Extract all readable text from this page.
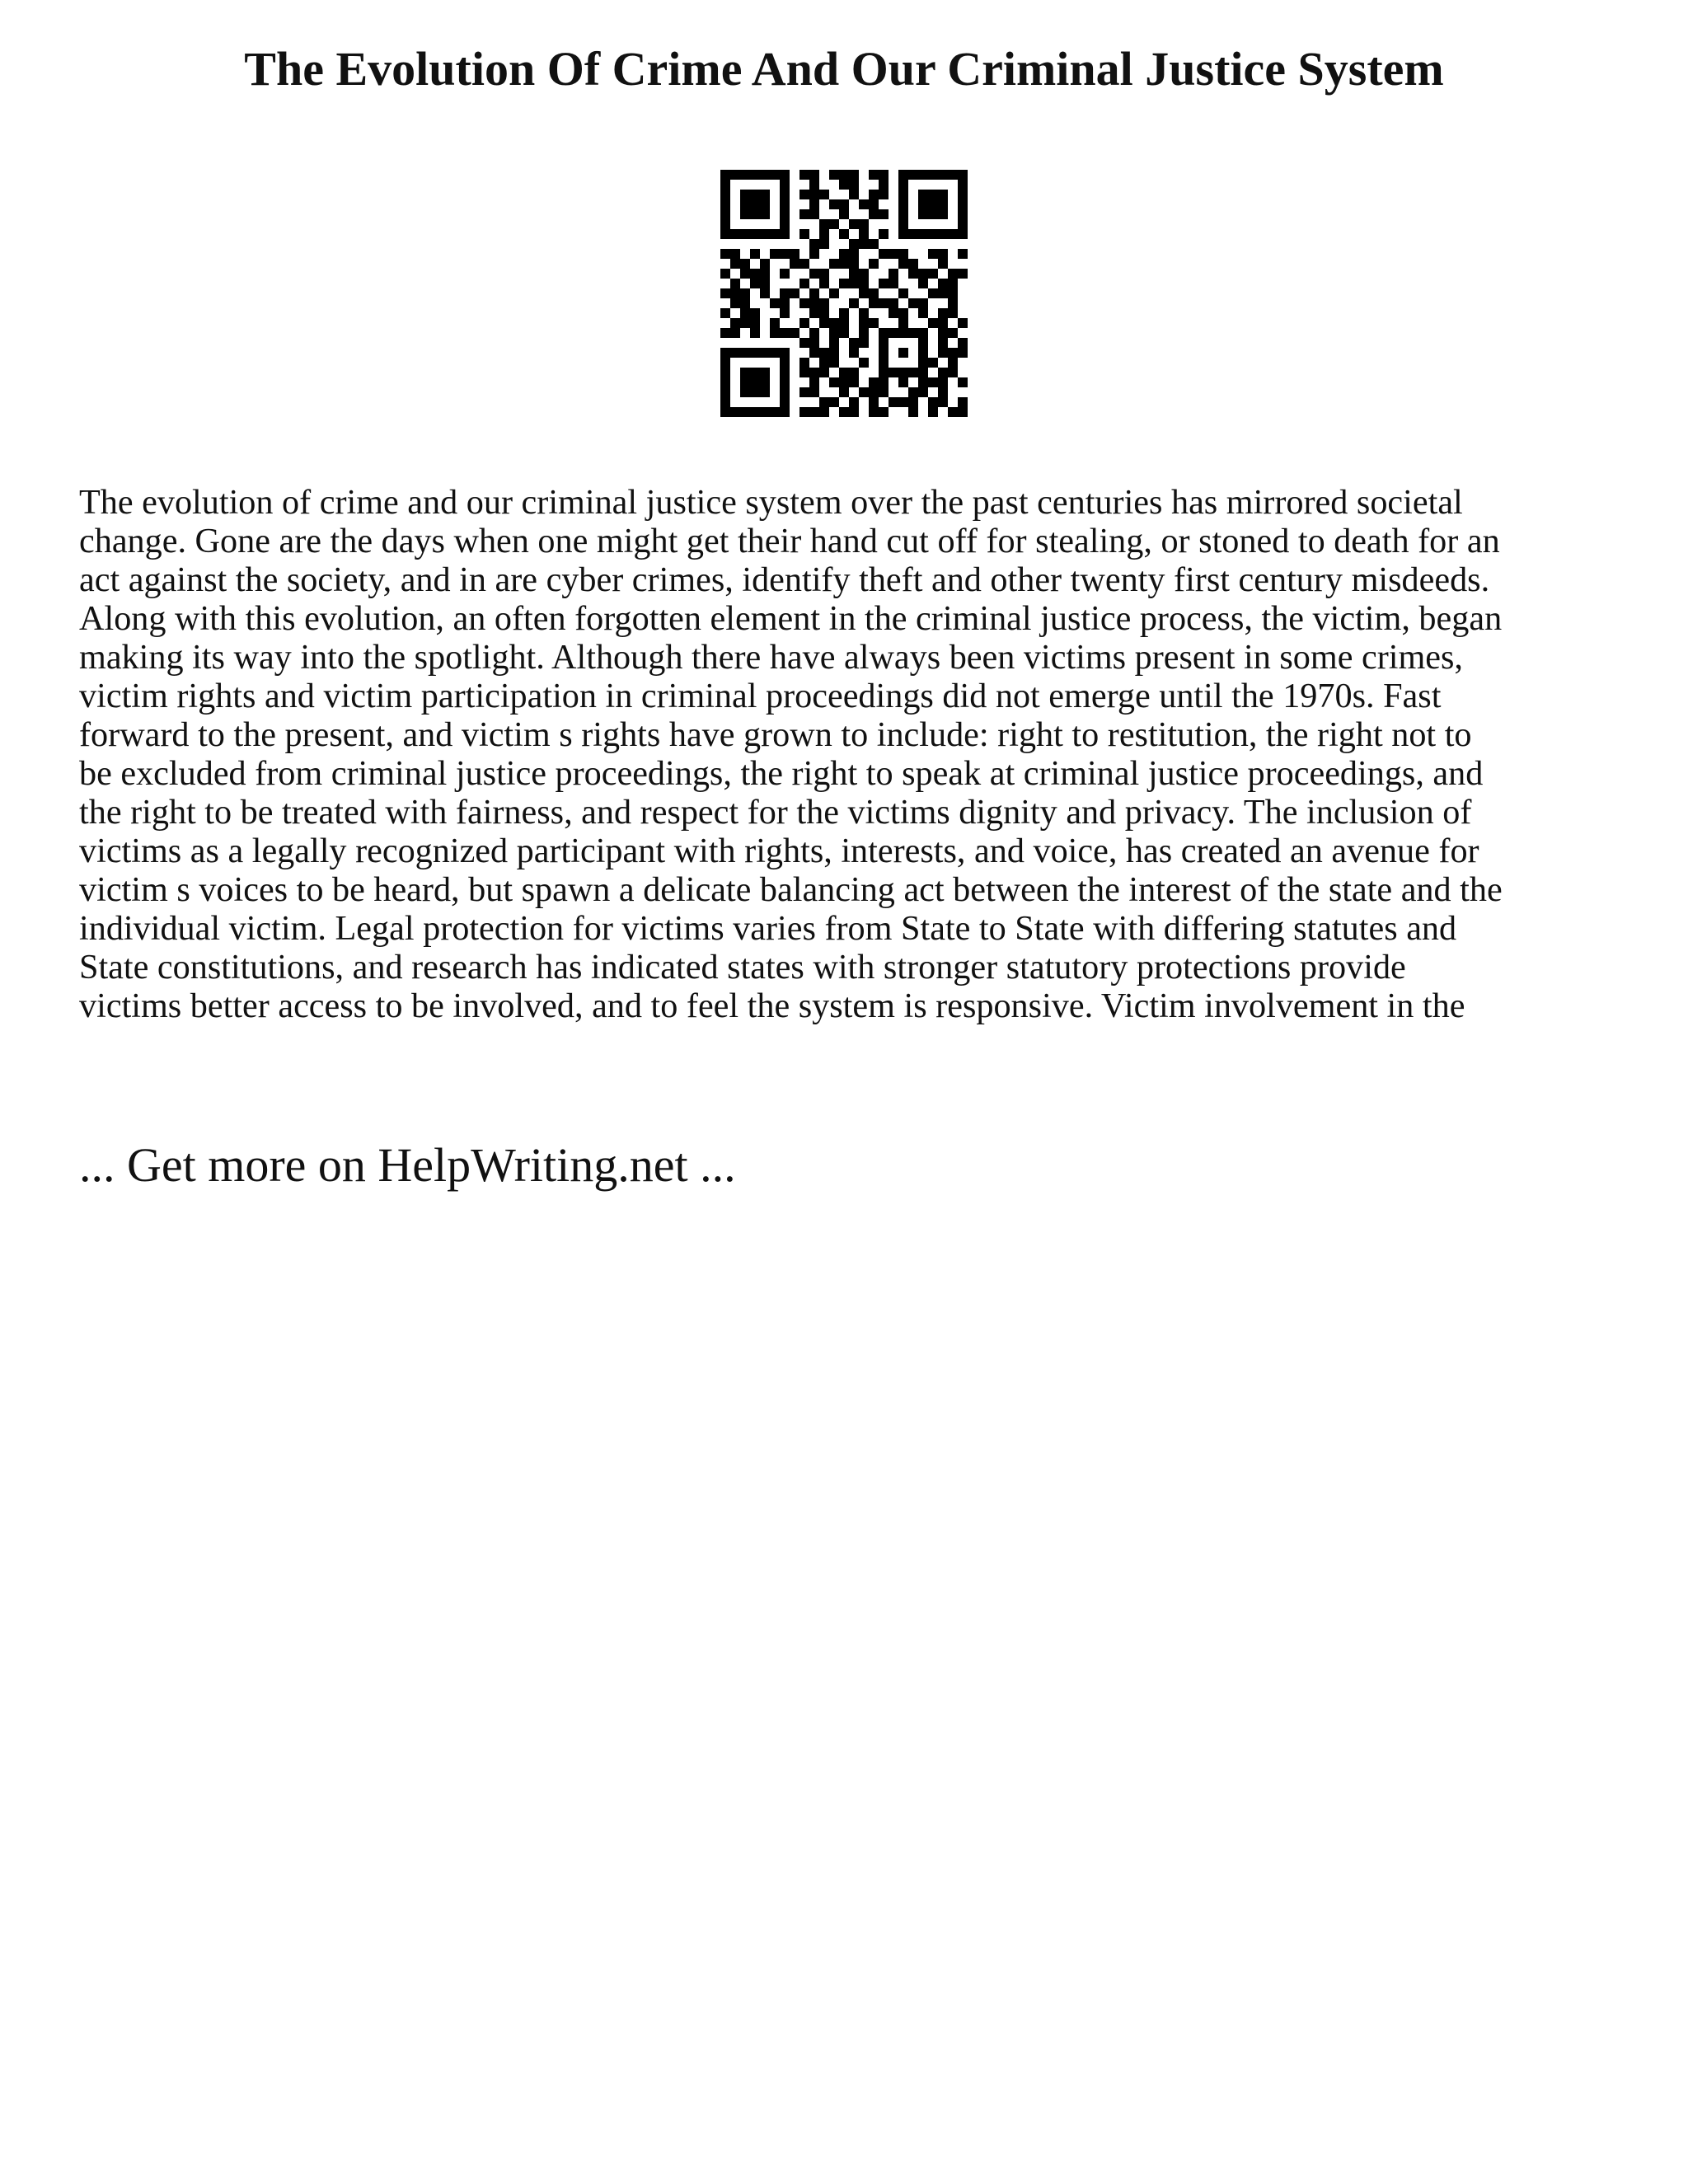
The Evolution Of Crime And Our Criminal Justice System

The evolution of crime and our criminal justice system over the past centuries has mirrored societal
change. Gone are the days when one might get their hand cut off for stealing, or stoned to death for an
act against the society, and in are cyber crimes, identify theft and other twenty first century misdeeds.
Along with this evolution, an often forgotten element in the criminal justice process, the victim, began
making its way into the spotlight. Although there have always been victims present in some crimes,
victim rights and victim participation in criminal proceedings did not emerge until the 1970s. Fast
forward to the present, and victim s rights have grown to include: right to restitution, the right not to
be excluded from criminal justice proceedings, the right to speak at criminal justice proceedings, and
the right to be treated with fairness, and respect for the victims dignity and privacy. The inclusion of
victims as a legally recognized participant with rights, interests, and voice, has created an avenue for
victim s voices to be heard, but spawn a delicate balancing act between the interest of the state and the
individual victim. Legal protection for victims varies from State to State with differing statutes and
State constitutions, and research has indicated states with stronger statutory protections provide
victims better access to be involved, and to feel the system is responsive. Victim involvement in the

... Get more on HelpWriting.net ...
